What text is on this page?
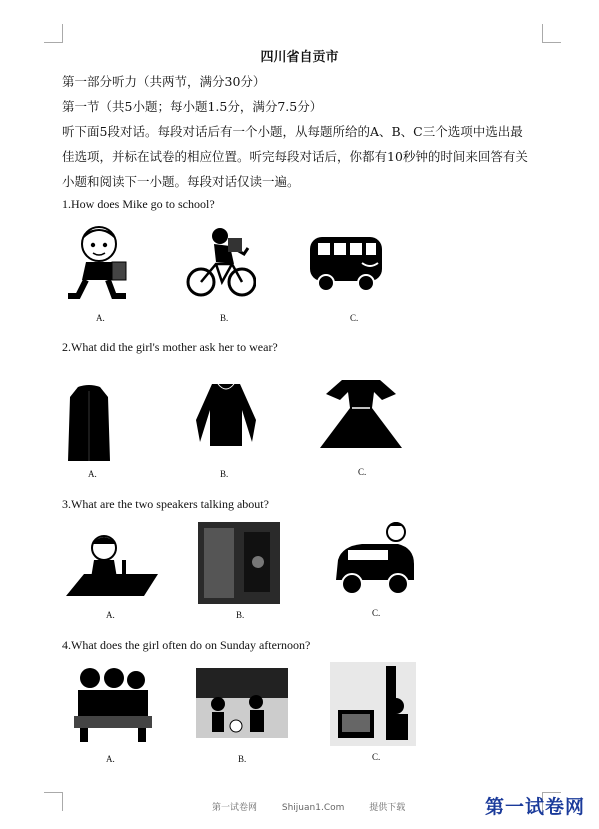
四川省自贡市
第一部分听力（共两节，满分30分）
第一节（共5小题；每小题1.5分，满分7.5分）
听下面5段对话。每段对话后有一个小题，从每题所给的A、B、C三个选项中选出最
佳选项，并标在试卷的相应位置。听完每段对话后，你都有10秒钟的时间来回答有关
小题和阅读下一小题。每段对话仅读一遍。
1.How does Mike go to school?
A.	B.	C.
2.What did the girl's mother ask her to wear?
A.	B.	C.
3.What are the two speakers talking about?
A.	B.	C.
4.What does the girl often do on Sunday afternoon?
A.	B.	C.
第一试卷网	Shijuan1.Com	提供下载	第一试卷网
